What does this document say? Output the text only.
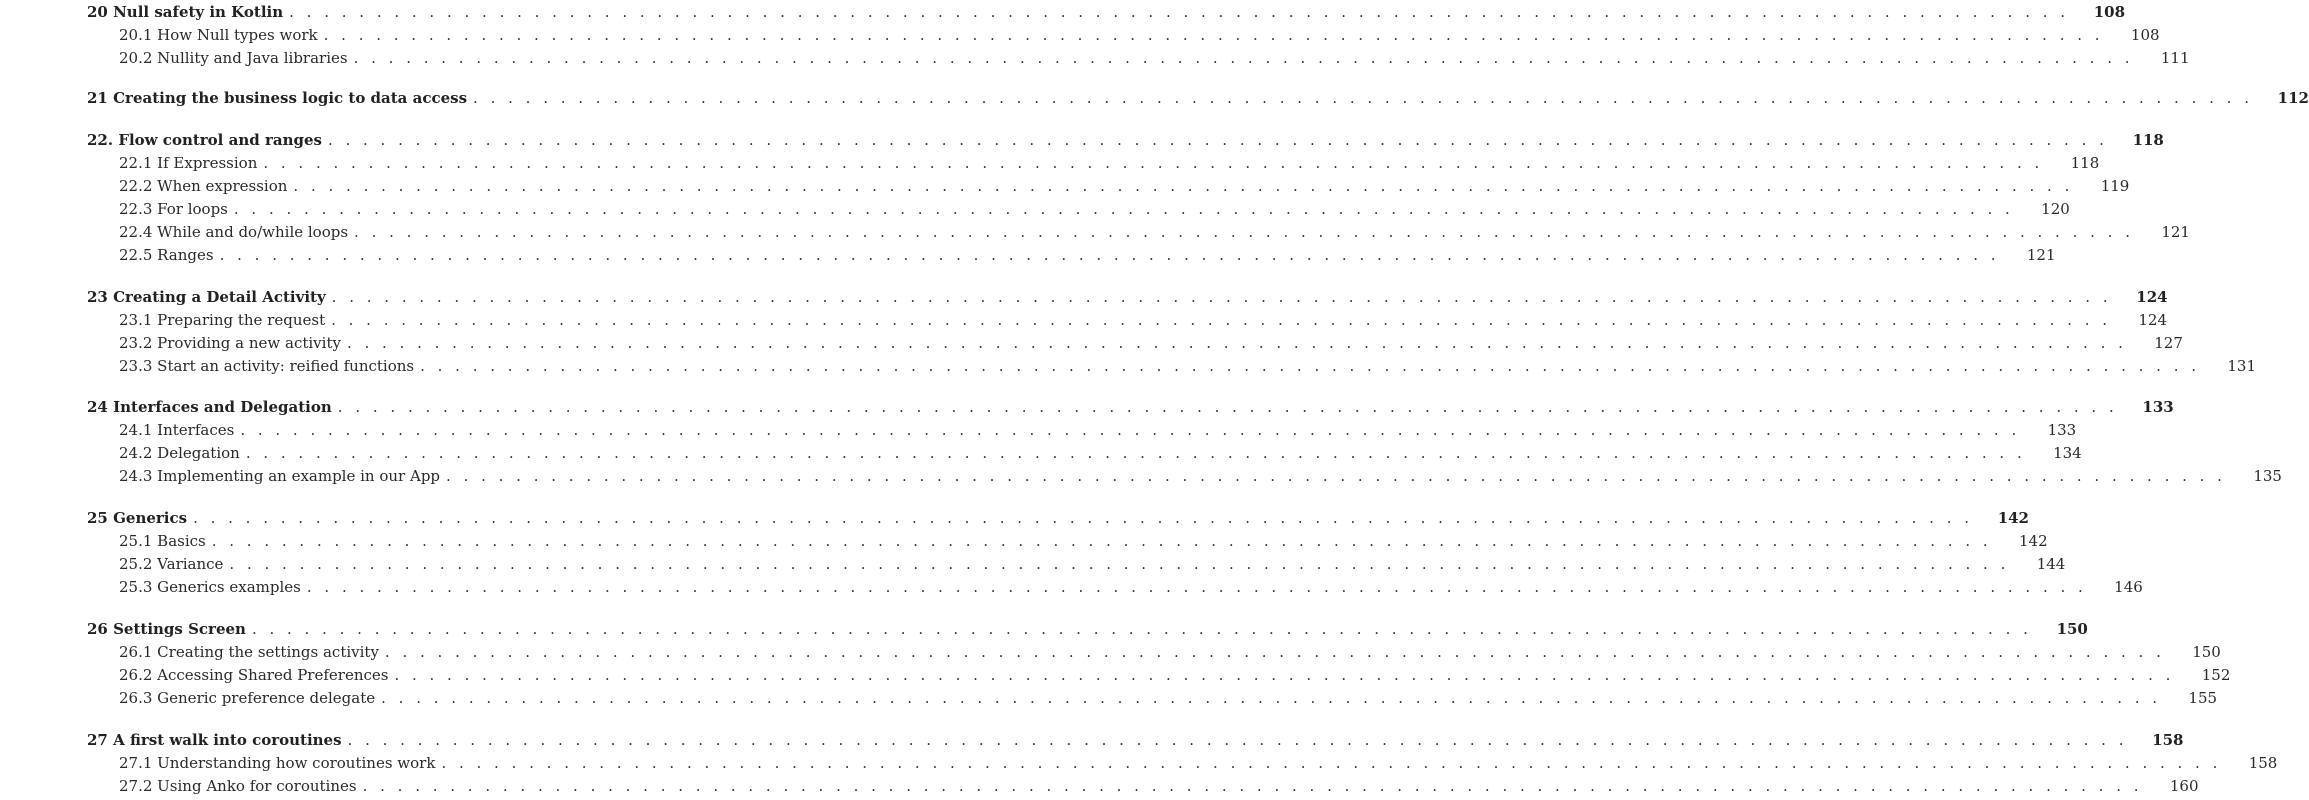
20 Null safety in Kotlin . . .	108
20.1 How Null types work . . .	108
20.2 Nullity and Java libraries . . .	111
21 Creating the business logic to data access . . .	112
22. Flow control and ranges . . .	118
22.1 If Expression . . .	118
22.2 When expression . . .	119
22.3 For loops . . .	120
22.4 While and do/while loops . . .	121
22.5 Ranges . . .	121
23 Creating a Detail Activity . . .	124
23.1 Preparing the request . . .	124
23.2 Providing a new activity . . .	127
23.3 Start an activity: reified functions . . .	131
24 Interfaces and Delegation . . .	133
24.1 Interfaces . . .	133
24.2 Delegation . . .	134
24.3 Implementing an example in our App . . .	135
25 Generics . . .	142
25.1 Basics . . .	142
25.2 Variance . . .	144
25.3 Generics examples . . .	146
26 Settings Screen . . .	150
26.1 Creating the settings activity . . .	150
26.2 Accessing Shared Preferences . . .	152
26.3 Generic preference delegate . . .	155
27 A first walk into coroutines . . .	158
27.1 Understanding how coroutines work . . .	158
27.2 Using Anko for coroutines . . .	160
